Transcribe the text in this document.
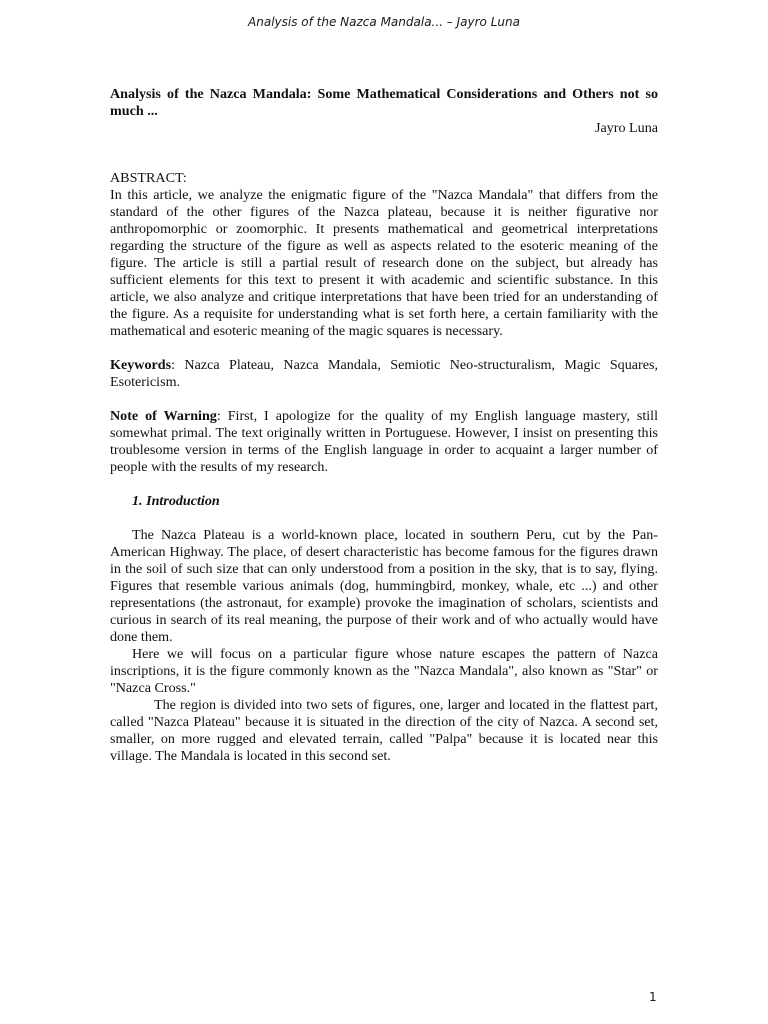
Analysis of the Nazca Mandala... – Jayro Luna

Analysis of the Nazca Mandala: Some Mathematical Considerations and Others not so much ...

Jayro Luna

ABSTRACT:

In this article, we analyze the enigmatic figure of the "Nazca Mandala" that differs from the standard of the other figures of the Nazca plateau, because it is neither figurative nor anthropomorphic or zoomorphic. It presents mathematical and geometrical interpretations regarding the structure of the figure as well as aspects related to the esoteric meaning of the figure. The article is still a partial result of research done on the subject, but already has sufficient elements for this text to present it with academic and scientific substance. In this article, we also analyze and critique interpretations that have been tried for an understanding of the figure. As a requisite for understanding what is set forth here, a certain familiarity with the mathematical and esoteric meaning of the magic squares is necessary.

Keywords: Nazca Plateau, Nazca Mandala, Semiotic Neo-structuralism, Magic Squares, Esotericism.

Note of Warning: First, I apologize for the quality of my English language mastery, still somewhat primal. The text originally written in Portuguese. However, I insist on presenting this troublesome version in terms of the English language in order to acquaint a larger number of people with the results of my research.

1. Introduction

The Nazca Plateau is a world-known place, located in southern Peru, cut by the Pan-American Highway. The place, of desert characteristic has become famous for the figures drawn in the soil of such size that can only understood from a position in the sky, that is to say, flying. Figures that resemble various animals (dog, hummingbird, monkey, whale, etc ...) and other representations (the astronaut, for example) provoke the imagination of scholars, scientists and curious in search of its real meaning, the purpose of their work and of who actually would have done them.

Here we will focus on a particular figure whose nature escapes the pattern of Nazca inscriptions, it is the figure commonly known as the "Nazca Mandala", also known as "Star" or "Nazca Cross."

The region is divided into two sets of figures, one, larger and located in the flattest part, called "Nazca Plateau" because it is situated in the direction of the city of Nazca. A second set, smaller, on more rugged and elevated terrain, called "Palpa" because it is located near this village. The Mandala is located in this second set.

1
